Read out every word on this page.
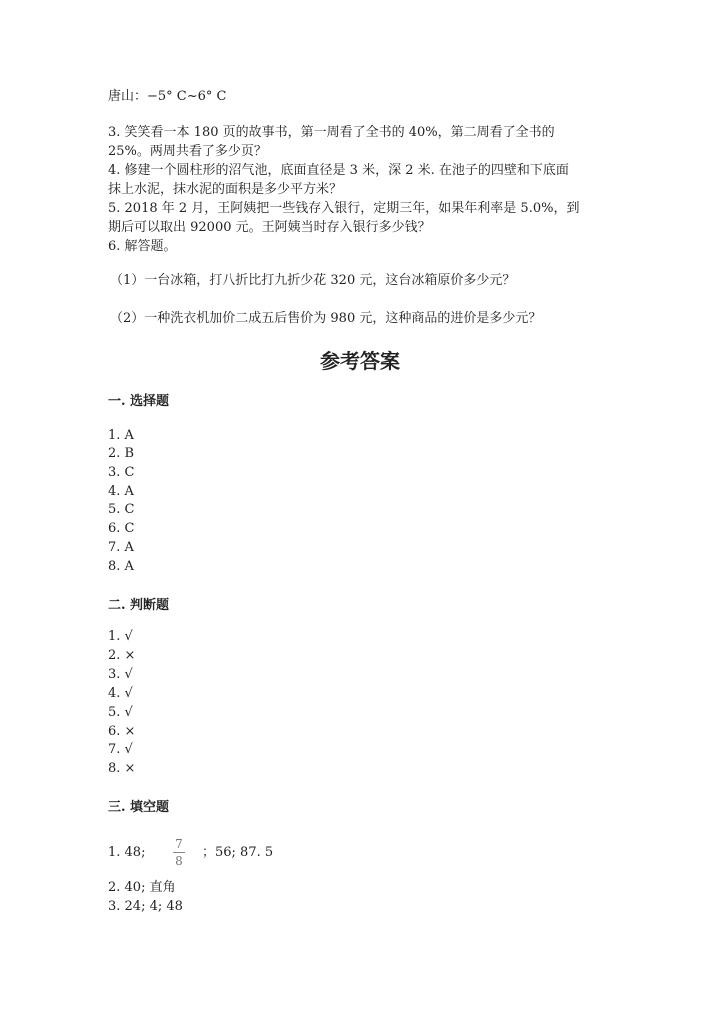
唐山：−5° C~6° C
3. 笑笑看一本 180 页的故事书，第一周看了全书的 40%，第二周看了全书的
25%。两周共看了多少页？
4. 修建一个圆柱形的沼气池，底面直径是 3 米，深 2 米. 在池子的四壁和下底面
抹上水泥，抹水泥的面积是多少平方米？
5. 2018 年 2 月，王阿姨把一些钱存入银行，定期三年，如果年利率是 5.0%，到
期后可以取出 92000 元。王阿姨当时存入银行多少钱？
6. 解答题。
（1）一台冰箱，打八折比打九折少花 320 元，这台冰箱原价多少元？
（2）一种洗衣机加价二成五后售价为 980 元，这种商品的进价是多少元？
参考答案
一. 选择题
1. A
2. B
3. C
4. A
5. C
6. C
7. A
8. A
二. 判断题
1. √
2. ×
3. √
4. √
5. √
6. ×
7. √
8. ×
三. 填空题
1. 48;
7
8
；56; 87. 5
2. 40; 直角
3. 24; 4; 48
